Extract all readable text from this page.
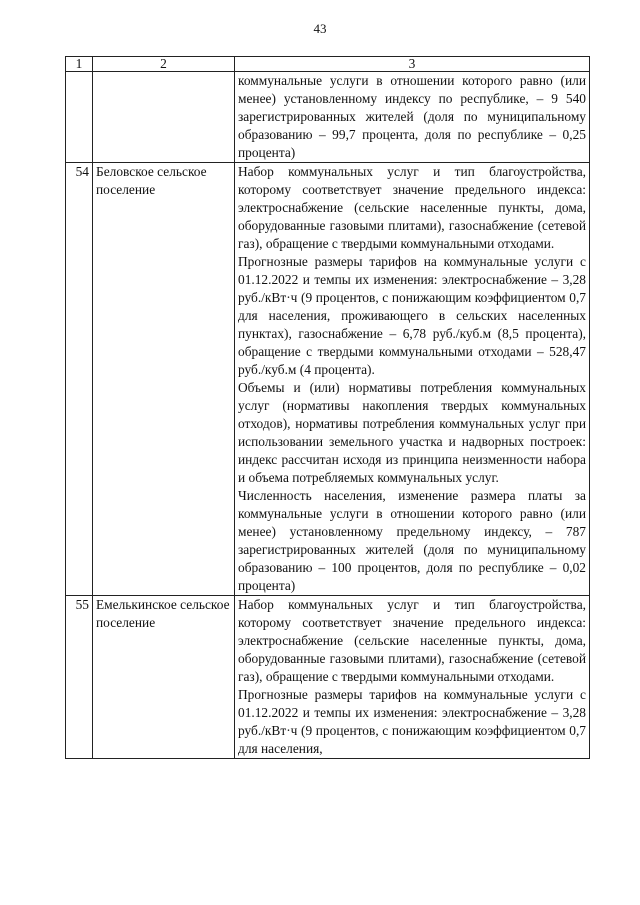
43
1	2	3

		коммунальные услуги в отношении которого равно (или менее) установленному индексу по республике, – 9 540 зарегистрированных жителей (доля по муниципальному образованию – 99,7 процента, доля по республике – 0,25 процента)

54	Беловское сельское поселение	Набор коммунальных услуг и тип благоустройства, которому соответствует значение предельного индекса: электроснабжение (сельские населенные пункты, дома, оборудованные газовыми плитами), газоснабжение (сетевой газ), обращение с твердыми коммунальными отходами.
Прогнозные размеры тарифов на коммунальные услуги с 01.12.2022 и темпы их изменения: электроснабжение – 3,28 руб./кВт·ч (9 процентов, с понижающим коэффициентом 0,7 для населения, проживающего в сельских населенных пунктах), газоснабжение – 6,78 руб./куб.м (8,5 процента), обращение с твердыми коммунальными отходами – 528,47 руб./куб.м (4 процента).
Объемы и (или) нормативы потребления коммунальных услуг (нормативы накопления твердых коммунальных отходов), нормативы потребления коммунальных услуг при использовании земельного участка и надворных построек: индекс рассчитан исходя из принципа неизменности набора и объема потребляемых коммунальных услуг.
Численность населения, изменение размера платы за коммунальные услуги в отношении которого равно (или менее) установленному предельному индексу, – 787 зарегистрированных жителей (доля по муниципальному образованию – 100 процентов, доля по республике – 0,02 процента)

55	Емелькинское сельское поселение	Набор коммунальных услуг и тип благоустройства, которому соответствует значение предельного индекса: электроснабжение (сельские населенные пункты, дома, оборудованные газовыми плитами), газоснабжение (сетевой газ), обращение с твердыми коммунальными отходами.
Прогнозные размеры тарифов на коммунальные услуги с 01.12.2022 и темпы их изменения: электроснабжение – 3,28 руб./кВт·ч (9 процентов, с понижающим коэффициентом 0,7 для населения,
